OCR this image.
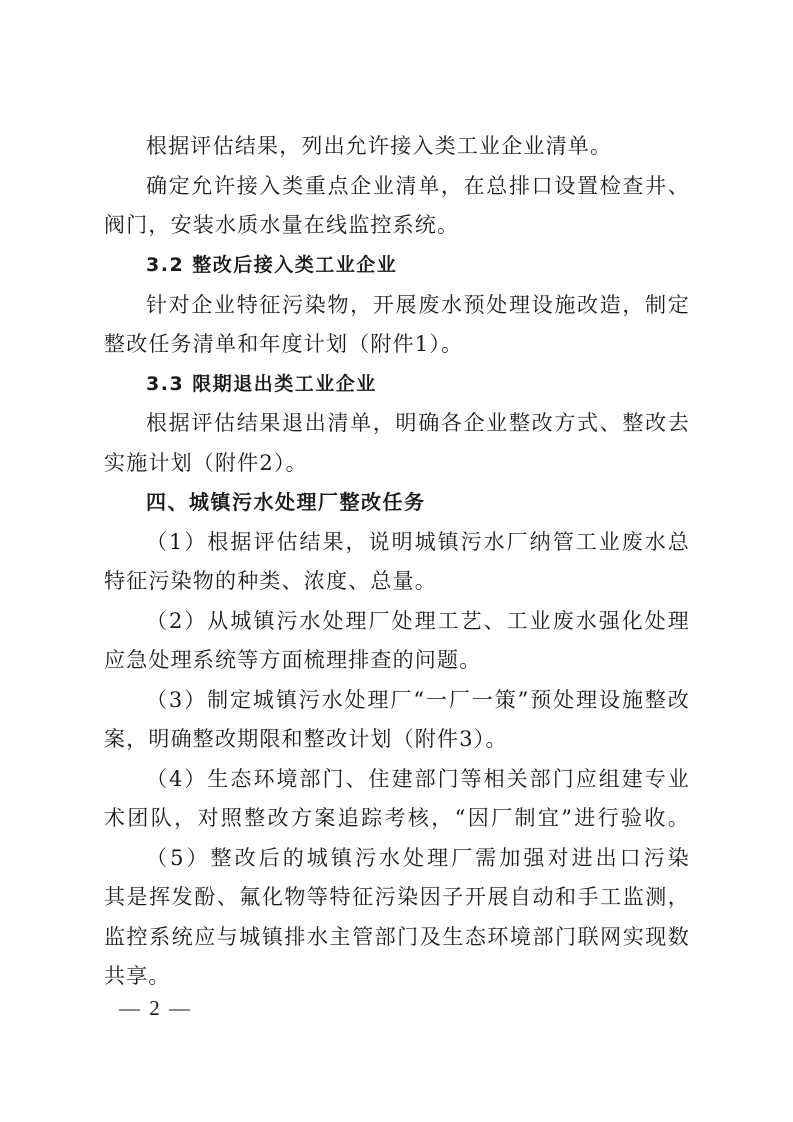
根据评估结果，列出允许接入类工业企业清单。
确定允许接入类重点企业清单，在总排口设置检查井、
阀门，安装水质水量在线监控系统。
3.2 整改后接入类工业企业
针对企业特征污染物，开展废水预处理设施改造，制定
整改任务清单和年度计划（附件1）。
3.3 限期退出类工业企业
根据评估结果退出清单，明确各企业整改方式、整改去
实施计划（附件2）。
四、城镇污水处理厂整改任务
（1）根据评估结果，说明城镇污水厂纳管工业废水总
特征污染物的种类、浓度、总量。
（2）从城镇污水处理厂处理工艺、工业废水强化处理
应急处理系统等方面梳理排查的问题。
（3）制定城镇污水处理厂“一厂一策”预处理设施整改
案，明确整改期限和整改计划（附件3）。
（4）生态环境部门、住建部门等相关部门应组建专业
术团队，对照整改方案追踪考核，“因厂制宜”进行验收。
（5）整改后的城镇污水处理厂需加强对进出口污染
其是挥发酚、氟化物等特征污染因子开展自动和手工监测，
监控系统应与城镇排水主管部门及生态环境部门联网实现数
共享。
— 2 —
